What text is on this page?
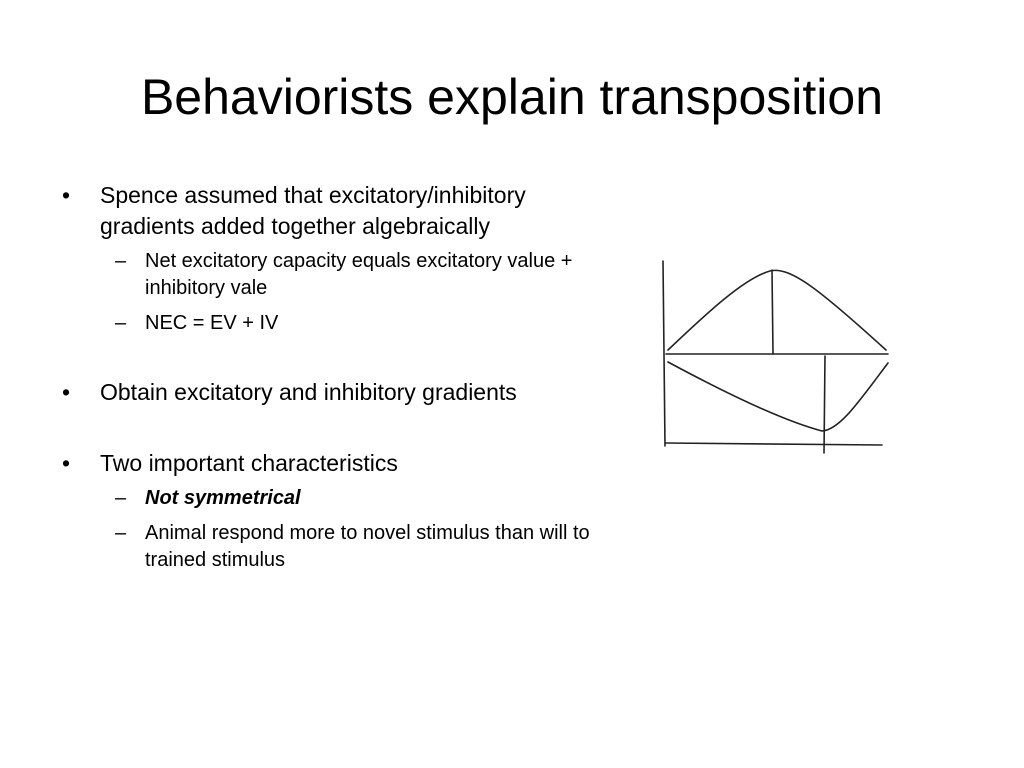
Behaviorists explain transposition
• Spence assumed that excitatory/inhibitory gradients added together algebraically
– Net excitatory capacity equals excitatory value + inhibitory vale
– NEC = EV + IV
• Obtain excitatory and inhibitory gradients
• Two important characteristics
– Not symmetrical
– Animal respond more to novel stimulus than will to trained stimulus
